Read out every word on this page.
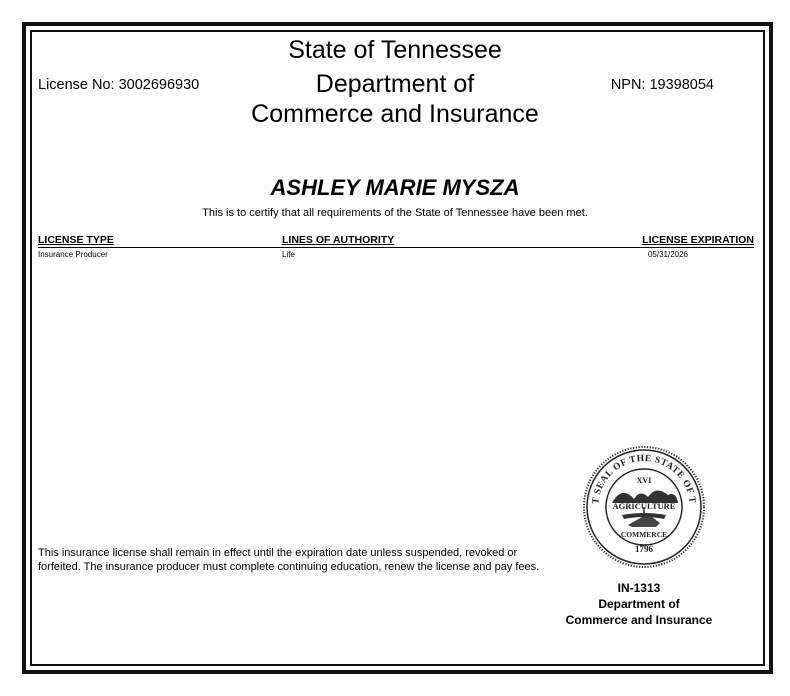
State of Tennessee
Department of
Commerce and Insurance
License No: 3002696930	NPN: 19398054
ASHLEY MARIE MYSZA
This is to certify that all requirements of the State of Tennessee have been met.
LICENSE TYPE	LINES OF AUTHORITY	LICENSE EXPIRATION
Insurance Producer	Life	05/31/2026
This insurance license shall remain in effect until the expiration date unless suspended, revoked or
forfeited. The insurance producer must complete continuing education, renew the license and pay fees.
T SEAL OF THE STATE OF T
XVI
AGRICULTURE
COMMERCE
1796
IN-1313
Department of
Commerce and Insurance
